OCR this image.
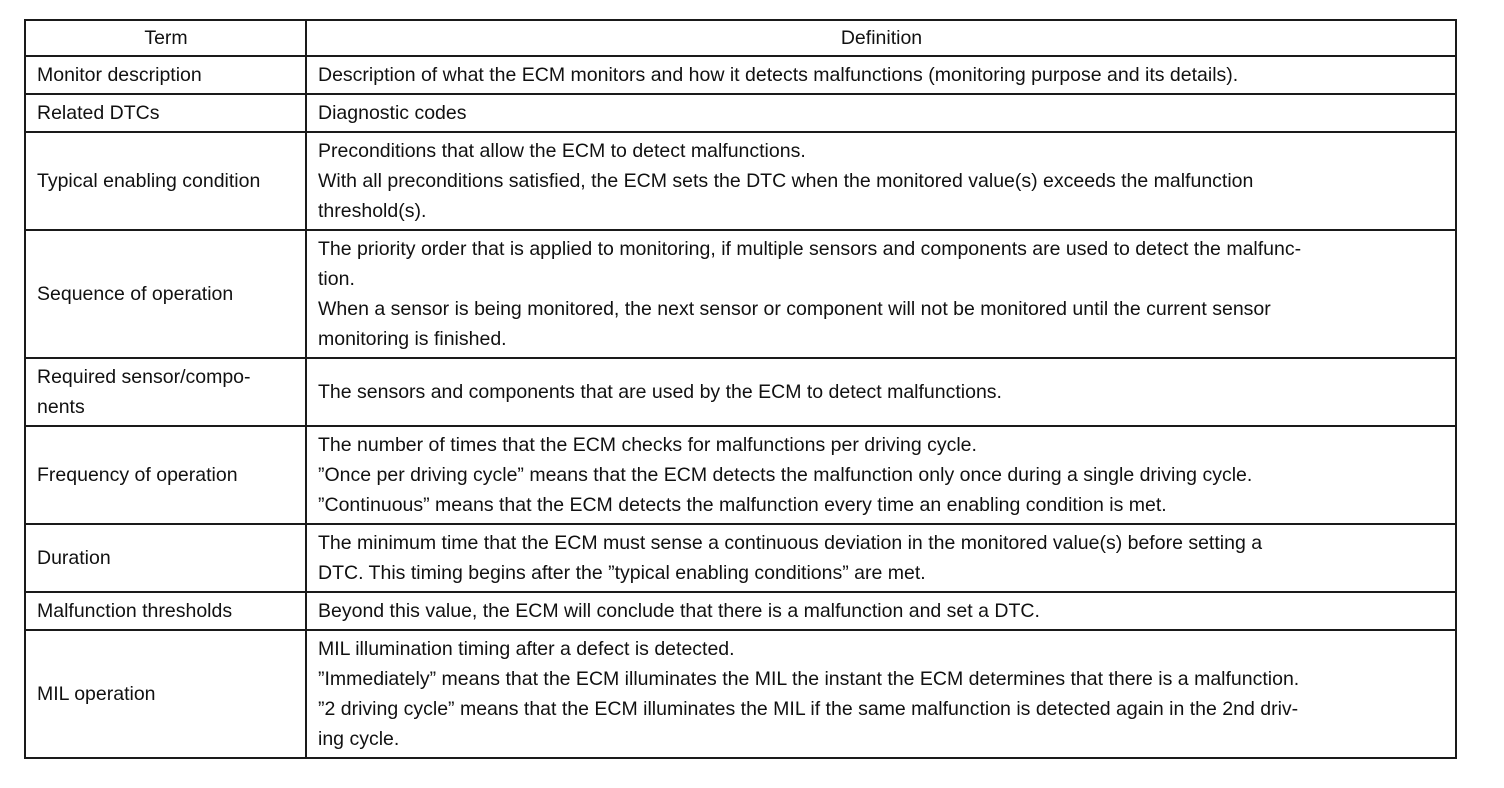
Term	Definition

Monitor description	Description of what the ECM monitors and how it detects malfunctions (monitoring purpose and its details).

Related DTCs	Diagnostic codes

Typical enabling condition	Preconditions that allow the ECM to detect malfunctions.
With all preconditions satisfied, the ECM sets the DTC when the monitored value(s) exceeds the malfunction
threshold(s).

Sequence of operation	The priority order that is applied to monitoring, if multiple sensors and components are used to detect the malfunc-
tion.
When a sensor is being monitored, the next sensor or component will not be monitored until the current sensor
monitoring is finished.

Required sensor/compo-
nents	The sensors and components that are used by the ECM to detect malfunctions.

Frequency of operation	The number of times that the ECM checks for malfunctions per driving cycle.
”Once per driving cycle” means that the ECM detects the malfunction only once during a single driving cycle.
”Continuous” means that the ECM detects the malfunction every time an enabling condition is met.

Duration	The minimum time that the ECM must sense a continuous deviation in the monitored value(s) before setting a
DTC. This timing begins after the ”typical enabling conditions” are met.

Malfunction thresholds	Beyond this value, the ECM will conclude that there is a malfunction and set a DTC.

MIL operation	MIL illumination timing after a defect is detected.
”Immediately” means that the ECM illuminates the MIL the instant the ECM determines that there is a malfunction.
”2 driving cycle” means that the ECM illuminates the MIL if the same malfunction is detected again in the 2nd driv-
ing cycle.
